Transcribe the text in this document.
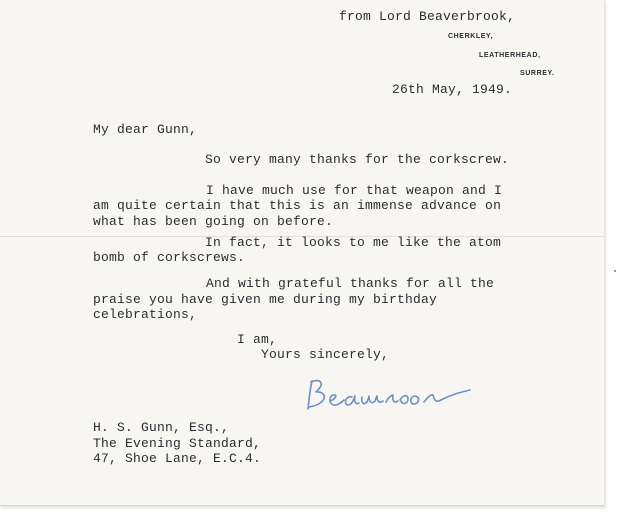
from Lord Beaverbrook,
CHERKLEY,
LEATHERHEAD,
SURREY.
26th May, 1949.
My dear Gunn,
So very many thanks for the corkscrew.
I have much use for that weapon and I
am quite certain that this is an immense advance on
what has been going on before.
In fact, it looks to me like the atom
bomb of corkscrews.
And with grateful thanks for all the
praise you have given me during my birthday
celebrations,
I am,
Yours sincerely,
H. S. Gunn, Esq.,
The Evening Standard,
47, Shoe Lane, E.C.4.
